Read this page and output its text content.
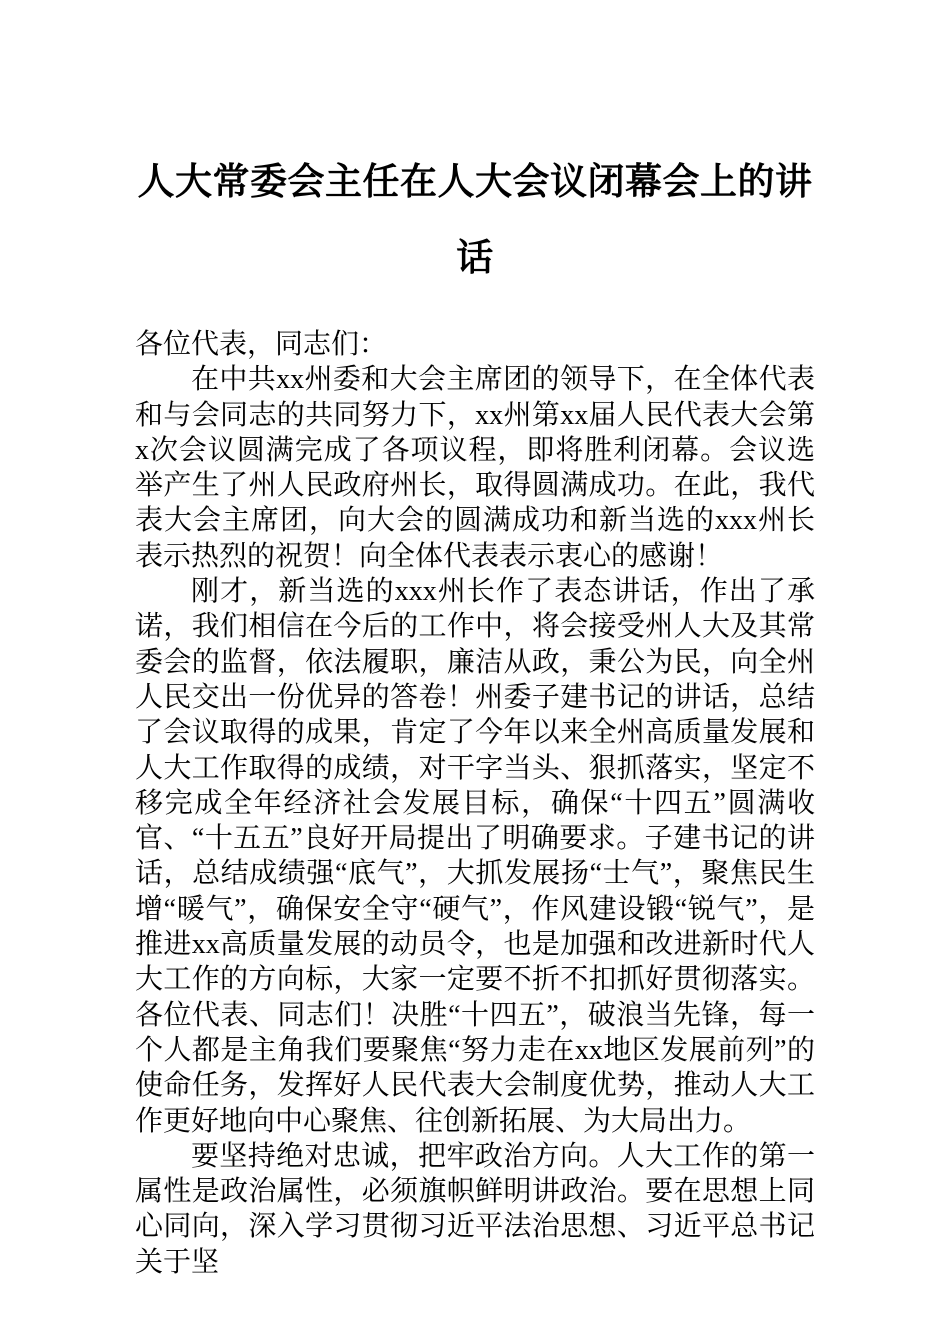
人大常委会主任在人大会议闭幕会上的讲话

各位代表，同志们：

在中共xx州委和大会主席团的领导下，在全体代表和与会同志的共同努力下，xx州第xx届人民代表大会第x次会议圆满完成了各项议程，即将胜利闭幕。会议选举产生了州人民政府州长，取得圆满成功。在此，我代表大会主席团，向大会的圆满成功和新当选的xxx州长表示热烈的祝贺！向全体代表表示衷心的感谢！

刚才，新当选的xxx州长作了表态讲话，作出了承诺，我们相信在今后的工作中，将会接受州人大及其常委会的监督，依法履职，廉洁从政，秉公为民，向全州人民交出一份优异的答卷！州委子建书记的讲话，总结了会议取得的成果，肯定了今年以来全州高质量发展和人大工作取得的成绩，对干字当头、狠抓落实，坚定不移完成全年经济社会发展目标，确保“十四五”圆满收官、“十五五”良好开局提出了明确要求。子建书记的讲话，总结成绩强“底气”，大抓发展扬“士气”，聚焦民生增“暖气”，确保安全守“硬气”，作风建设锻“锐气”，是推进xx高质量发展的动员令，也是加强和改进新时代人大工作的方向标，大家一定要不折不扣抓好贯彻落实。各位代表、同志们！决胜“十四五”，破浪当先锋，每一个人都是主角我们要聚焦“努力走在xx地区发展前列”的使命任务，发挥好人民代表大会制度优势，推动人大工作更好地向中心聚焦、往创新拓展、为大局出力。

要坚持绝对忠诚，把牢政治方向。人大工作的第一属性是政治属性，必须旗帜鲜明讲政治。要在思想上同心同向，深入学习贯彻习近平法治思想、习近平总书记关于坚
